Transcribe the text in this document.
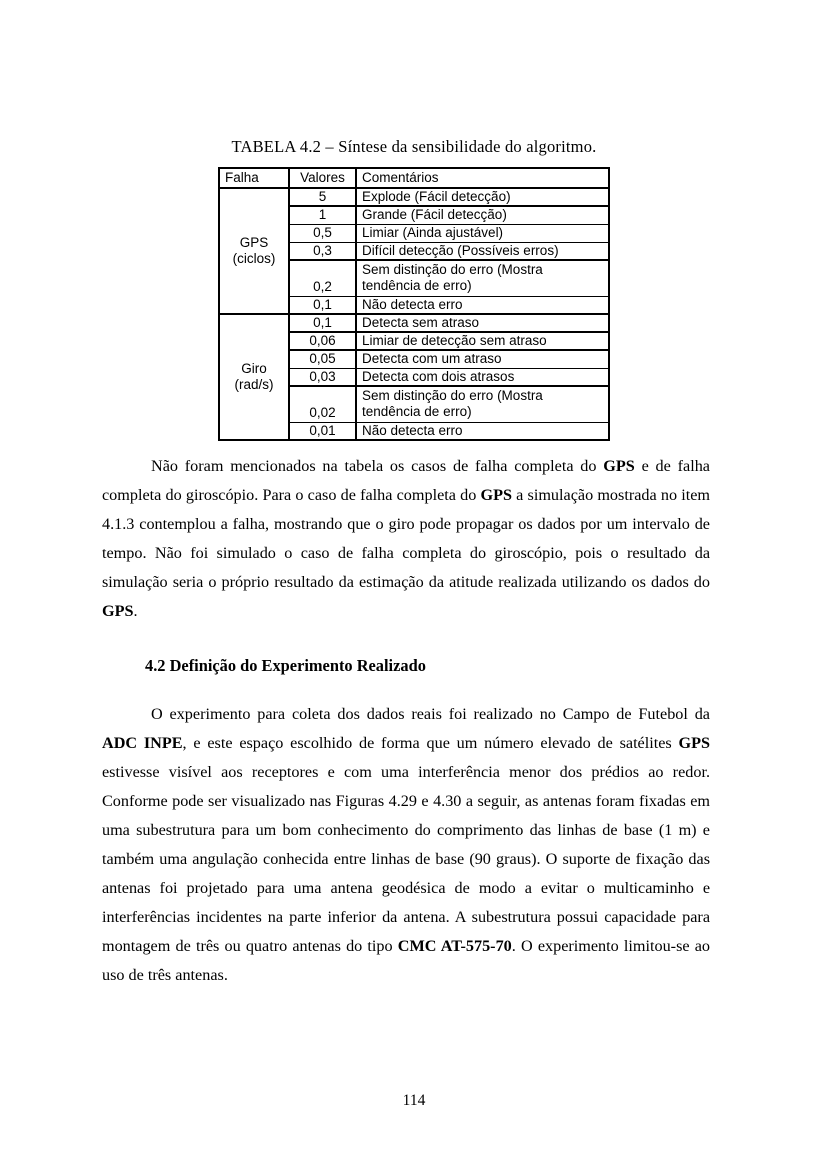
TABELA 4.2 – Síntese da sensibilidade do algoritmo.
Falha	Valores	Comentários

GPS
(ciclos)	5	Explode (Fácil detecção)
	1	Grande (Fácil detecção)
	0,5	Limiar (Ainda ajustável)
	0,3	Difícil detecção (Possíveis erros)
	0,2	Sem distinção do erro (Mostra tendência de erro)
	0,1	Não detecta erro

Giro
(rad/s)	0,1	Detecta sem atraso
	0,06	Limiar de detecção sem atraso
	0,05	Detecta com um atraso
	0,03	Detecta com dois atrasos
	0,02	Sem distinção do erro (Mostra tendência de erro)
	0,01	Não detecta erro
Não foram mencionados na tabela os casos de falha completa do GPS e de falha completa do giroscópio. Para o caso de falha completa do GPS a simulação mostrada no item 4.1.3 contemplou a falha, mostrando que o giro pode propagar os dados por um intervalo de tempo. Não foi simulado o caso de falha completa do giroscópio, pois o resultado da simulação seria o próprio resultado da estimação da atitude realizada utilizando os dados do GPS.
4.2 Definição do Experimento Realizado
O experimento para coleta dos dados reais foi realizado no Campo de Futebol da ADC INPE, e este espaço escolhido de forma que um número elevado de satélites GPS estivesse visível aos receptores e com uma interferência menor dos prédios ao redor. Conforme pode ser visualizado nas Figuras 4.29 e 4.30 a seguir, as antenas foram fixadas em uma subestrutura para um bom conhecimento do comprimento das linhas de base (1 m) e também uma angulação conhecida entre linhas de base (90 graus). O suporte de fixação das antenas foi projetado para uma antena geodésica de modo a evitar o multicaminho e interferências incidentes na parte inferior da antena. A subestrutura possui capacidade para montagem de três ou quatro antenas do tipo CMC AT-575-70. O experimento limitou-se ao uso de três antenas.
114
